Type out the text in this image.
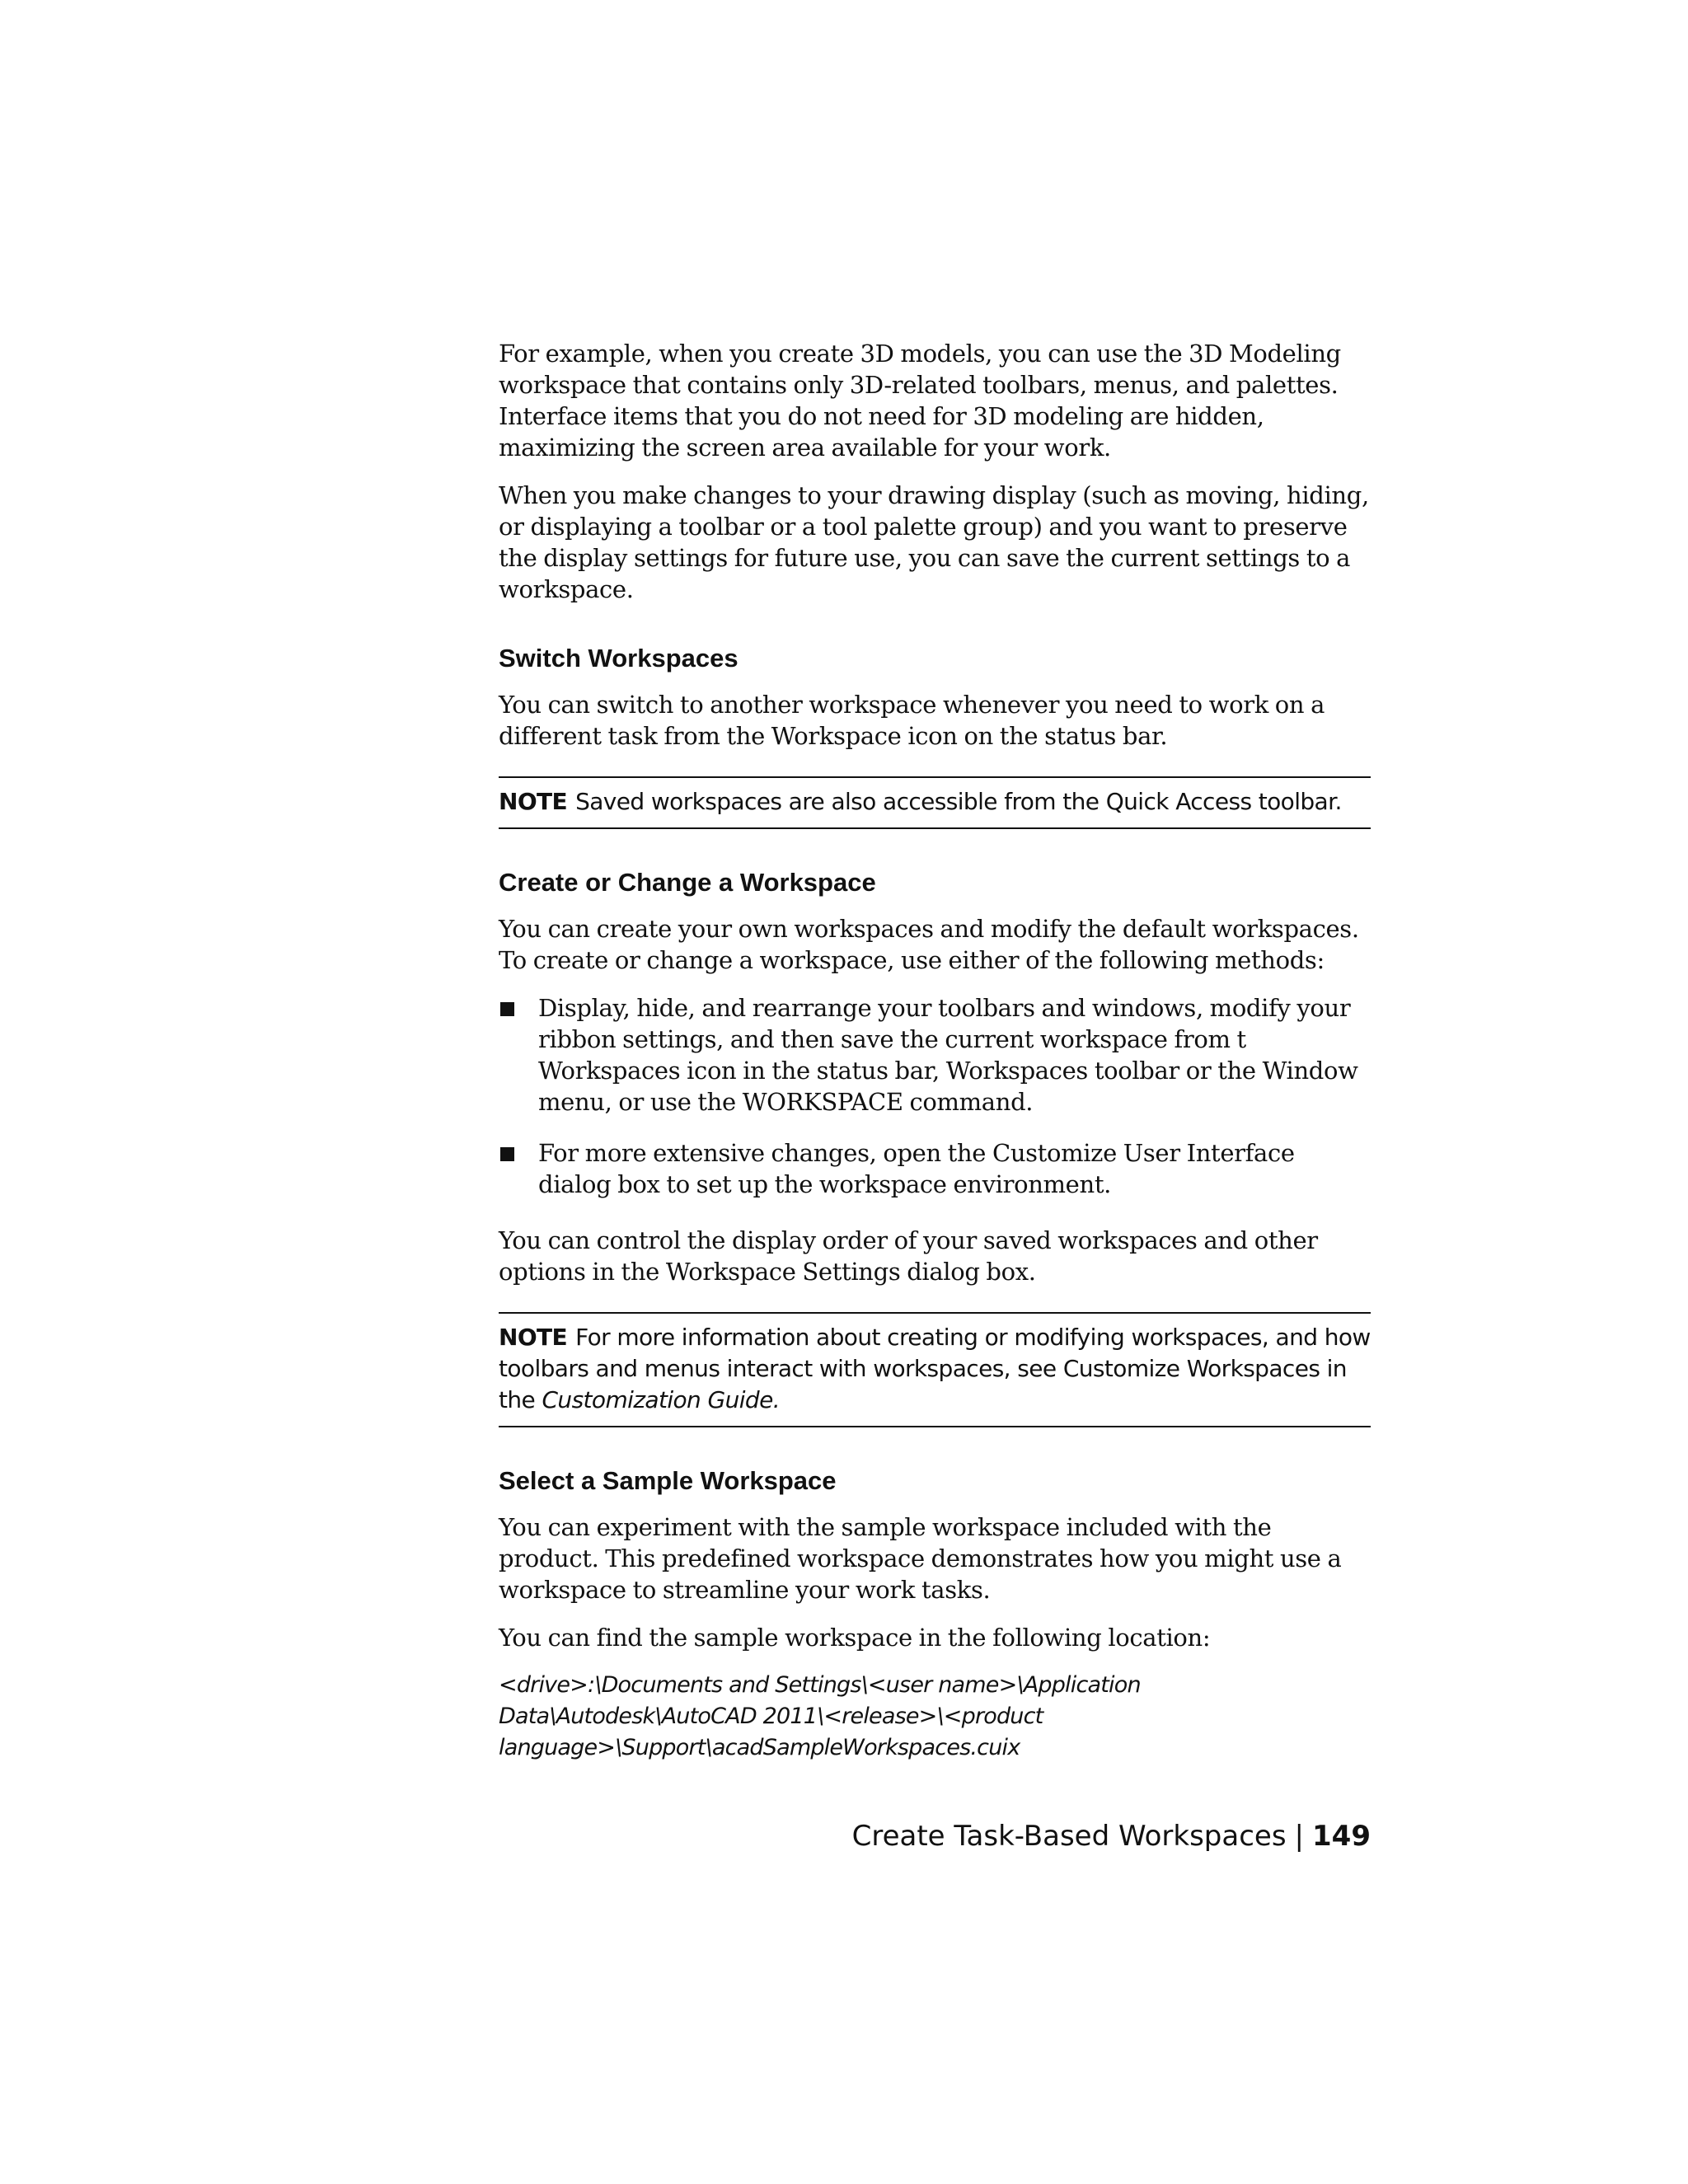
For example, when you create 3D models, you can use the 3D Modeling workspace that contains only 3D-related toolbars, menus, and palettes. Interface items that you do not need for 3D modeling are hidden, maximizing the screen area available for your work.

When you make changes to your drawing display (such as moving, hiding, or displaying a toolbar or a tool palette group) and you want to preserve the display settings for future use, you can save the current settings to a workspace.

Switch Workspaces

You can switch to another workspace whenever you need to work on a different task from the Workspace icon on the status bar.

NOTE Saved workspaces are also accessible from the Quick Access toolbar.
Create or Change a Workspace

You can create your own workspaces and modify the default workspaces. To create or change a workspace, use either of the following methods:

Display, hide, and rearrange your toolbars and windows, modify your ribbon settings, and then save the current workspace from t Workspaces icon in the status bar, Workspaces toolbar or the Window menu, or use the WORKSPACE command.
For more extensive changes, open the Customize User Interface dialog box to set up the workspace environment.

You can control the display order of your saved workspaces and other options in the Workspace Settings dialog box.

NOTE For more information about creating or modifying workspaces, and how toolbars and menus interact with workspaces, see Customize Workspaces in the Customization Guide.
Select a Sample Workspace

You can experiment with the sample workspace included with the product. This predefined workspace demonstrates how you might use a workspace to streamline your work tasks.

You can find the sample workspace in the following location:

<drive>:\Documents and Settings\<user name>\Application Data\Autodesk\AutoCAD 2011\<release>\<product language>\Support\acadSampleWorkspaces.cuix

Create Task-Based Workspaces | 149
